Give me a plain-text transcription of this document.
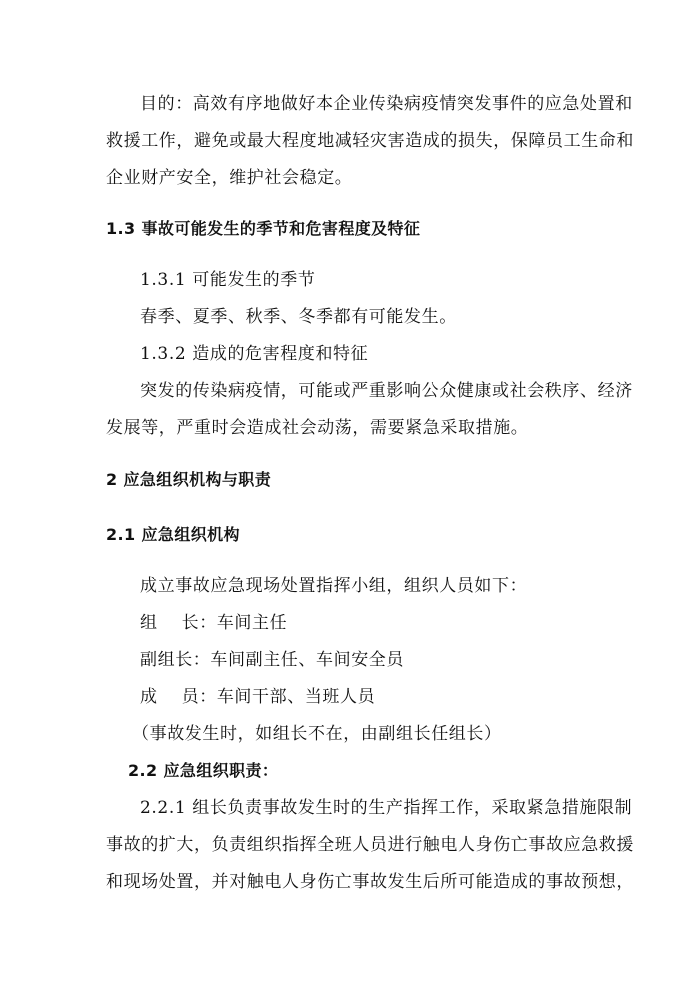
目的：高效有序地做好本企业传染病疫情突发事件的应急处置和
救援工作，避免或最大程度地减轻灾害造成的损失，保障员工生命和
企业财产安全，维护社会稳定。
1.3 事故可能发生的季节和危害程度及特征
1.3.1 可能发生的季节
春季、夏季、秋季、冬季都有可能发生。
1.3.2 造成的危害程度和特征
突发的传染病疫情，可能或严重影响公众健康或社会秩序、经济
发展等，严重时会造成社会动荡，需要紧急采取措施。
2 应急组织机构与职责
2.1 应急组织机构
成立事故应急现场处置指挥小组，组织人员如下：
组    长：车间主任
副组长：车间副主任、车间安全员
成    员：车间干部、当班人员
（事故发生时，如组长不在，由副组长任组长）
2.2 应急组织职责：
2.2.1 组长负责事故发生时的生产指挥工作，采取紧急措施限制
事故的扩大，负责组织指挥全班人员进行触电人身伤亡事故应急救援
和现场处置，并对触电人身伤亡事故发生后所可能造成的事故预想，
